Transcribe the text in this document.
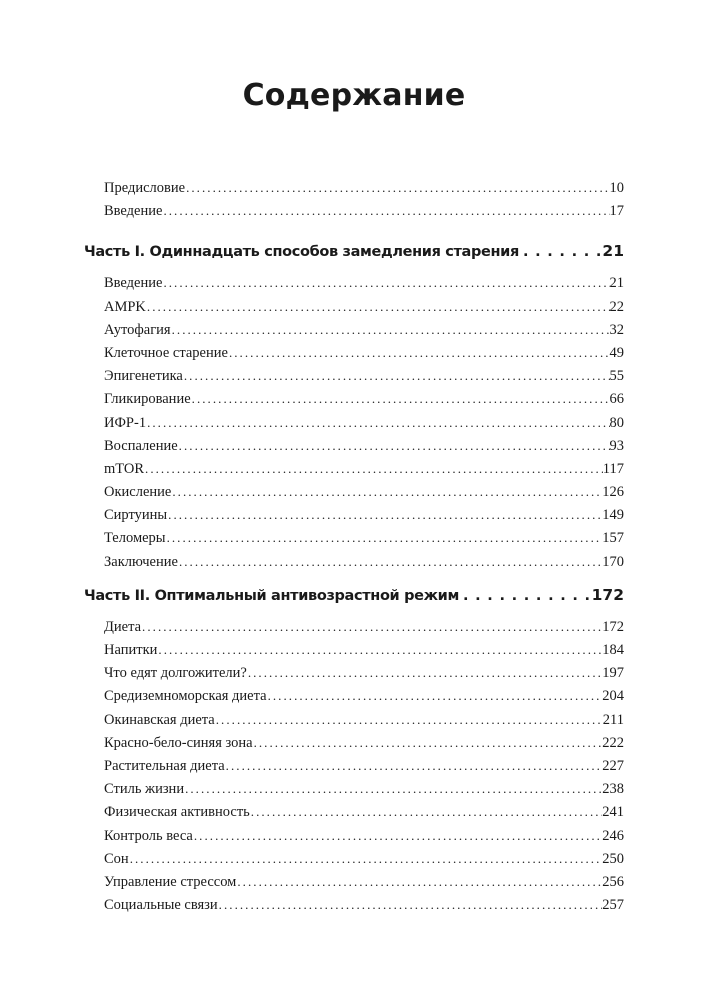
Содержание
Предисловие . . .	10
Введение . . .	17
Часть I. Одиннадцать способов замедления старения . . .	21
Введение . . .	21
AMPK . . .	22
Аутофагия . . .	32
Клеточное старение . . .	49
Эпигенетика . . .	55
Гликирование . . .	66
ИФР-1 . . .	80
Воспаление . . .	93
mTOR . . .	117
Окисление . . .	126
Сиртуины . . .	149
Теломеры . . .	157
Заключение . . .	170
Часть II. Оптимальный антивозрастной режим . . .	172
Диета . . .	172
Напитки . . .	184
Что едят долгожители? . . .	197
Средиземноморская диета . . .	204
Окинавская диета . . .	211
Красно-бело-синяя зона . . .	222
Растительная диета . . .	227
Стиль жизни . . .	238
Физическая активность . . .	241
Контроль веса . . .	246
Сон . . .	250
Управление стрессом . . .	256
Социальные связи . . .	257
